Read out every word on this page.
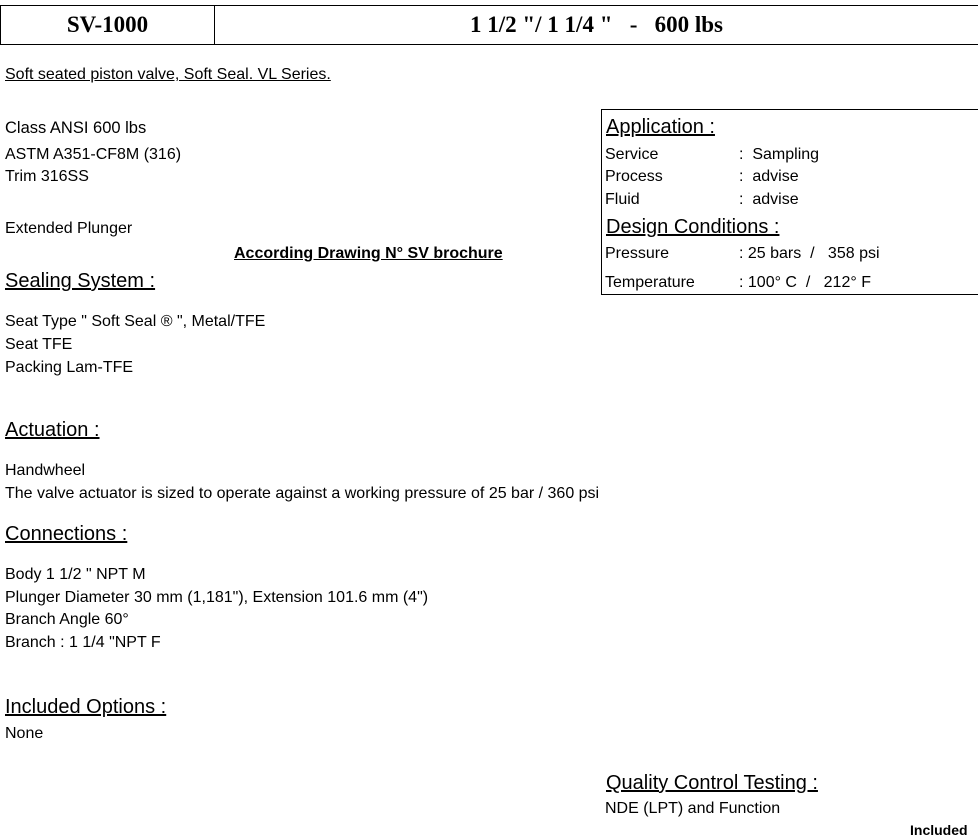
SV-1000	1 1/2 "/ 1 1/4 "   -   600 lbs
Soft seated piston valve, Soft Seal. VL Series.
Class ANSI 600 lbs
ASTM A351-CF8M (316)
Trim 316SS
Extended Plunger
According Drawing N° SV brochure
Sealing System :
Seat Type " Soft Seal ® ", Metal/TFE
Seat TFE
Packing Lam-TFE
Actuation :
Handwheel
The valve actuator is sized to operate against a working pressure of 25 bar / 360 psi
Connections :
Body 1 1/2 " NPT M
Plunger Diameter 30 mm (1,181"), Extension 101.6 mm (4")
Branch Angle 60°
Branch : 1 1/4 "NPT F
Included Options :
None
Application :
Service	:  Sampling
Process	:  advise
Fluid	:  advise
Design Conditions :
Pressure	: 25 bars  /   358 psi
Temperature	: 100° C  /   212° F
Quality Control Testing :
NDE (LPT) and Function
Included
